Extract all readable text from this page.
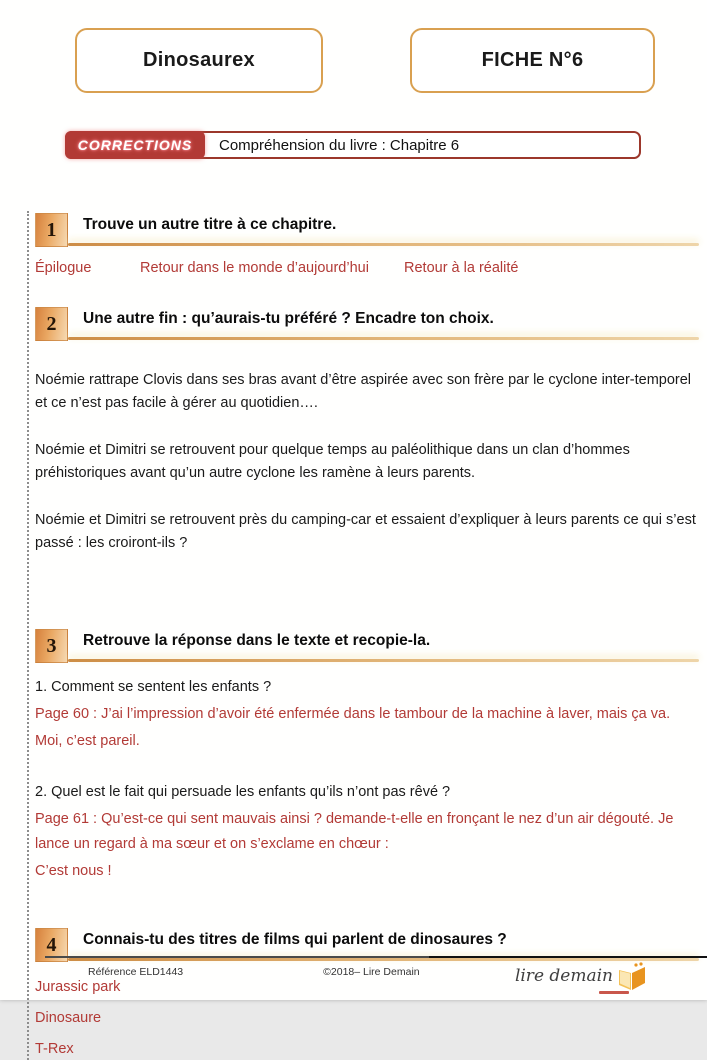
Dinosaurex	FICHE N°6
Compréhension du livre : Chapitre 6
CORRECTIONS
1	Trouve un autre titre à ce chapitre.
Épilogue	Retour dans le monde d’aujourd’hui	Retour à la réalité
2	Une autre fin : qu’aurais-tu préféré ? Encadre ton choix.

Noémie rattrape Clovis dans ses bras avant d’être aspirée avec son frère par le cyclone inter-temporel et ce n’est pas facile à gérer au quotidien….

Noémie et Dimitri se retrouvent pour quelque temps au paléolithique dans un clan d’hommes préhistoriques avant qu’un autre cyclone les ramène à leurs parents.

Noémie et Dimitri se retrouvent près du camping-car et essaient d’expliquer à leurs parents ce qui s’est passé : les croiront-ils ?

3	Retrouve la réponse dans le texte et recopie-la.
1. Comment se sentent les enfants ?
Page 60 : J’ai l’impression d’avoir été enfermée dans le tambour de la machine à laver, mais ça va.
Moi, c’est pareil.
2. Quel est le fait qui persuade les enfants qu’ils n’ont pas rêvé ?
Page 61 : Qu’est-ce qui sent mauvais ainsi ? demande-t-elle en fronçant le nez d’un air dégouté. Je lance un regard à ma sœur et on s’exclame en chœur :
C’est nous !
4	Connais-tu des titres de films qui parlent de dinosaures ?
Jurassic park
Dinosaure
T-Rex
Référence ELD1443	©2018– Lire Demain	lire demain
